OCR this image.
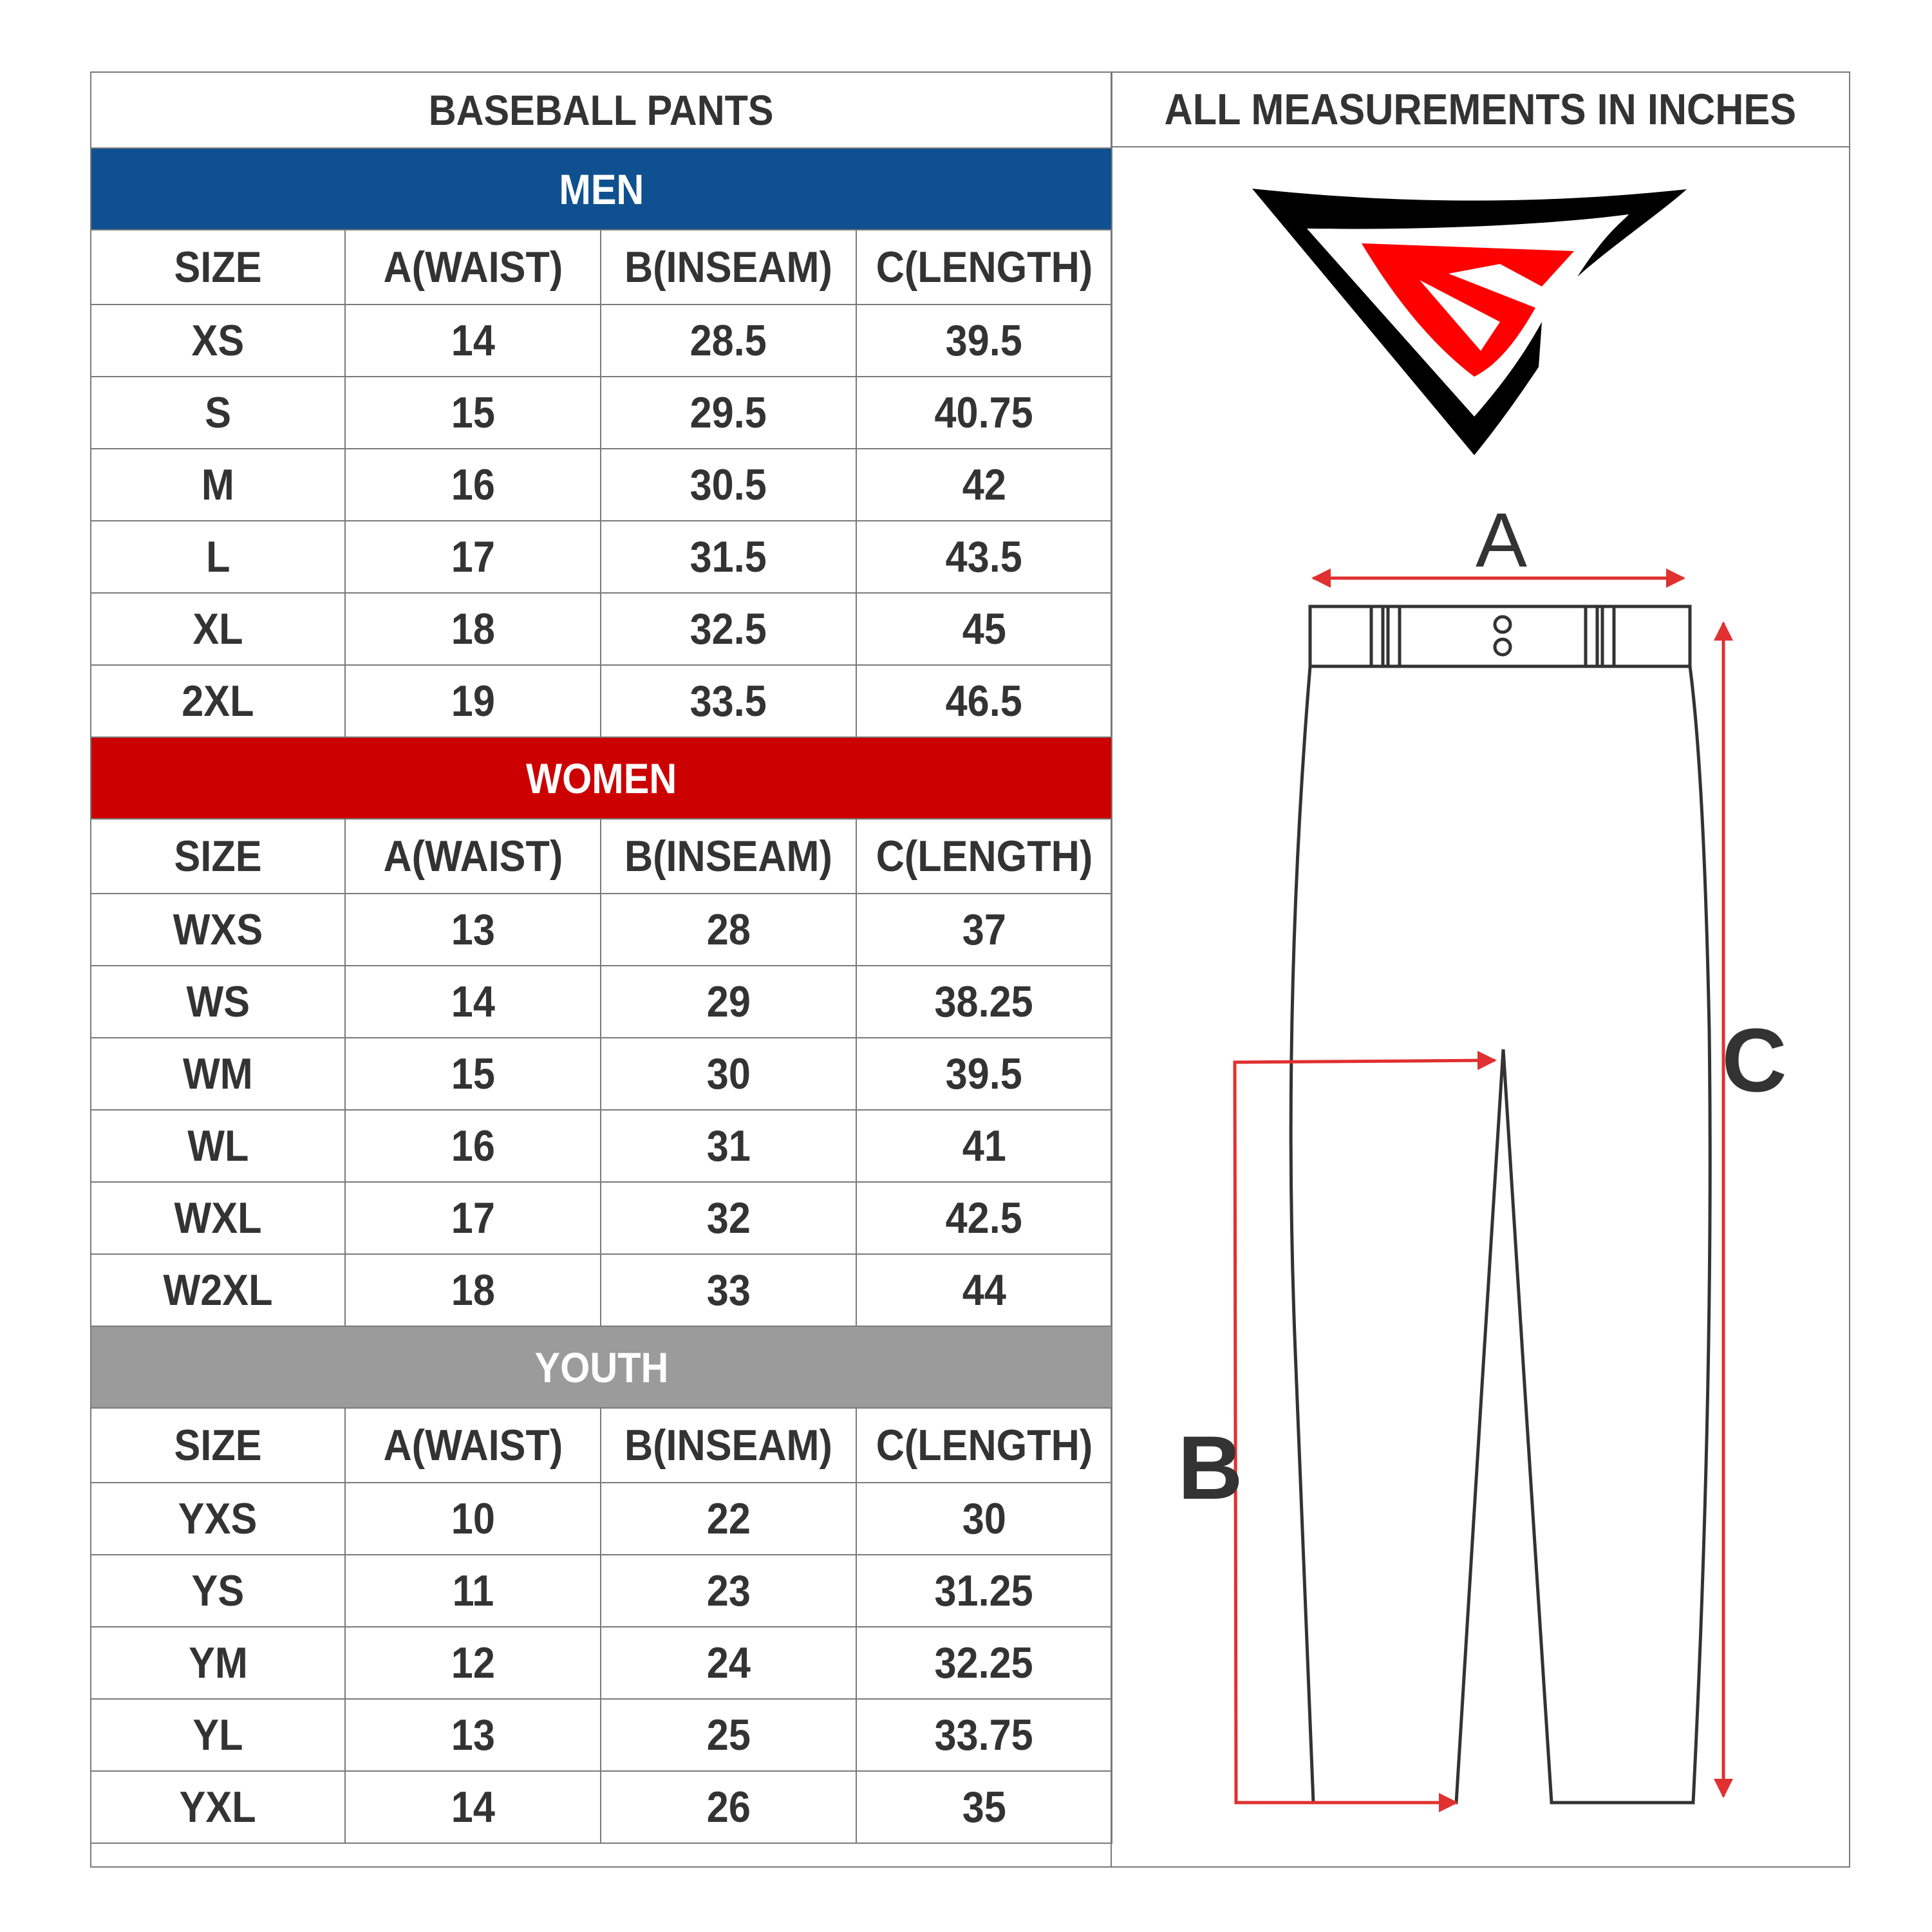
BASEBALL PANTS			
MEN			
SIZE	A(WAIST)	B(INSEAM)	C(LENGTH)
XS	14	28.5	39.5
S	15	29.5	40.75
M	16	30.5	42
L	17	31.5	43.5
XL	18	32.5	45
2XL	19	33.5	46.5
WOMEN			
SIZE	A(WAIST)	B(INSEAM)	C(LENGTH)
WXS	13	28	37
WS	14	29	38.25
WM	15	30	39.5
WL	16	31	41
WXL	17	32	42.5
W2XL	18	33	44
YOUTH			
SIZE	A(WAIST)	B(INSEAM)	C(LENGTH)
YXS	10	22	30
YS	11	23	31.25
YM	12	24	32.25
YL	13	25	33.75
YXL	14	26	35
ALL MEASUREMENTS IN INCHES
A
B
C
